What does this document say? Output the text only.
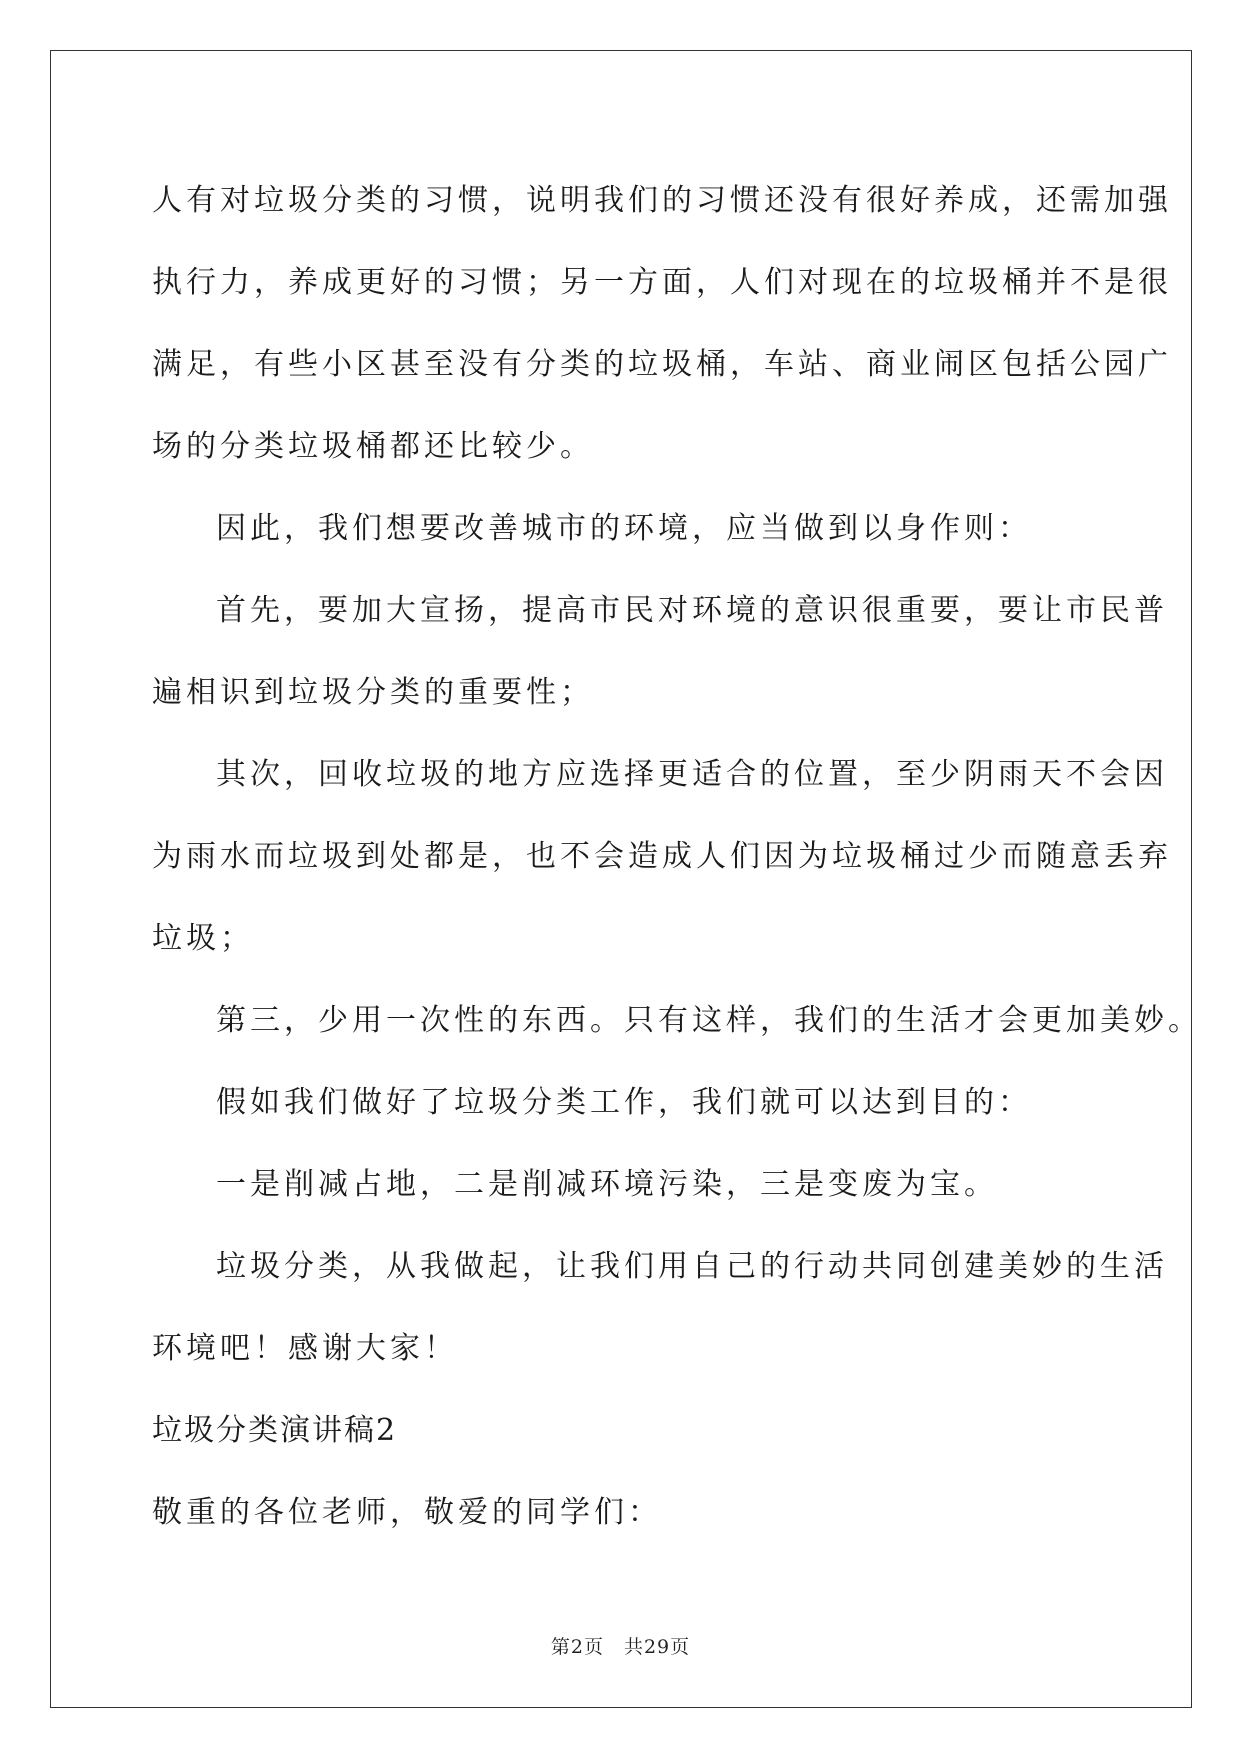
人有对垃圾分类的习惯，说明我们的习惯还没有很好养成，还需加强
执行力，养成更好的习惯；另一方面，人们对现在的垃圾桶并不是很
满足，有些小区甚至没有分类的垃圾桶，车站、商业闹区包括公园广
场的分类垃圾桶都还比较少。
因此，我们想要改善城市的环境，应当做到以身作则：
首先，要加大宣扬，提高市民对环境的意识很重要，要让市民普
遍相识到垃圾分类的重要性；
其次，回收垃圾的地方应选择更适合的位置，至少阴雨天不会因
为雨水而垃圾到处都是，也不会造成人们因为垃圾桶过少而随意丢弃
垃圾；
第三，少用一次性的东西。只有这样，我们的生活才会更加美妙。
假如我们做好了垃圾分类工作，我们就可以达到目的：
一是削减占地，二是削减环境污染，三是变废为宝。
垃圾分类，从我做起，让我们用自己的行动共同创建美妙的生活
环境吧！感谢大家！
垃圾分类演讲稿2
敬重的各位老师，敬爱的同学们：
第2页　共29页
